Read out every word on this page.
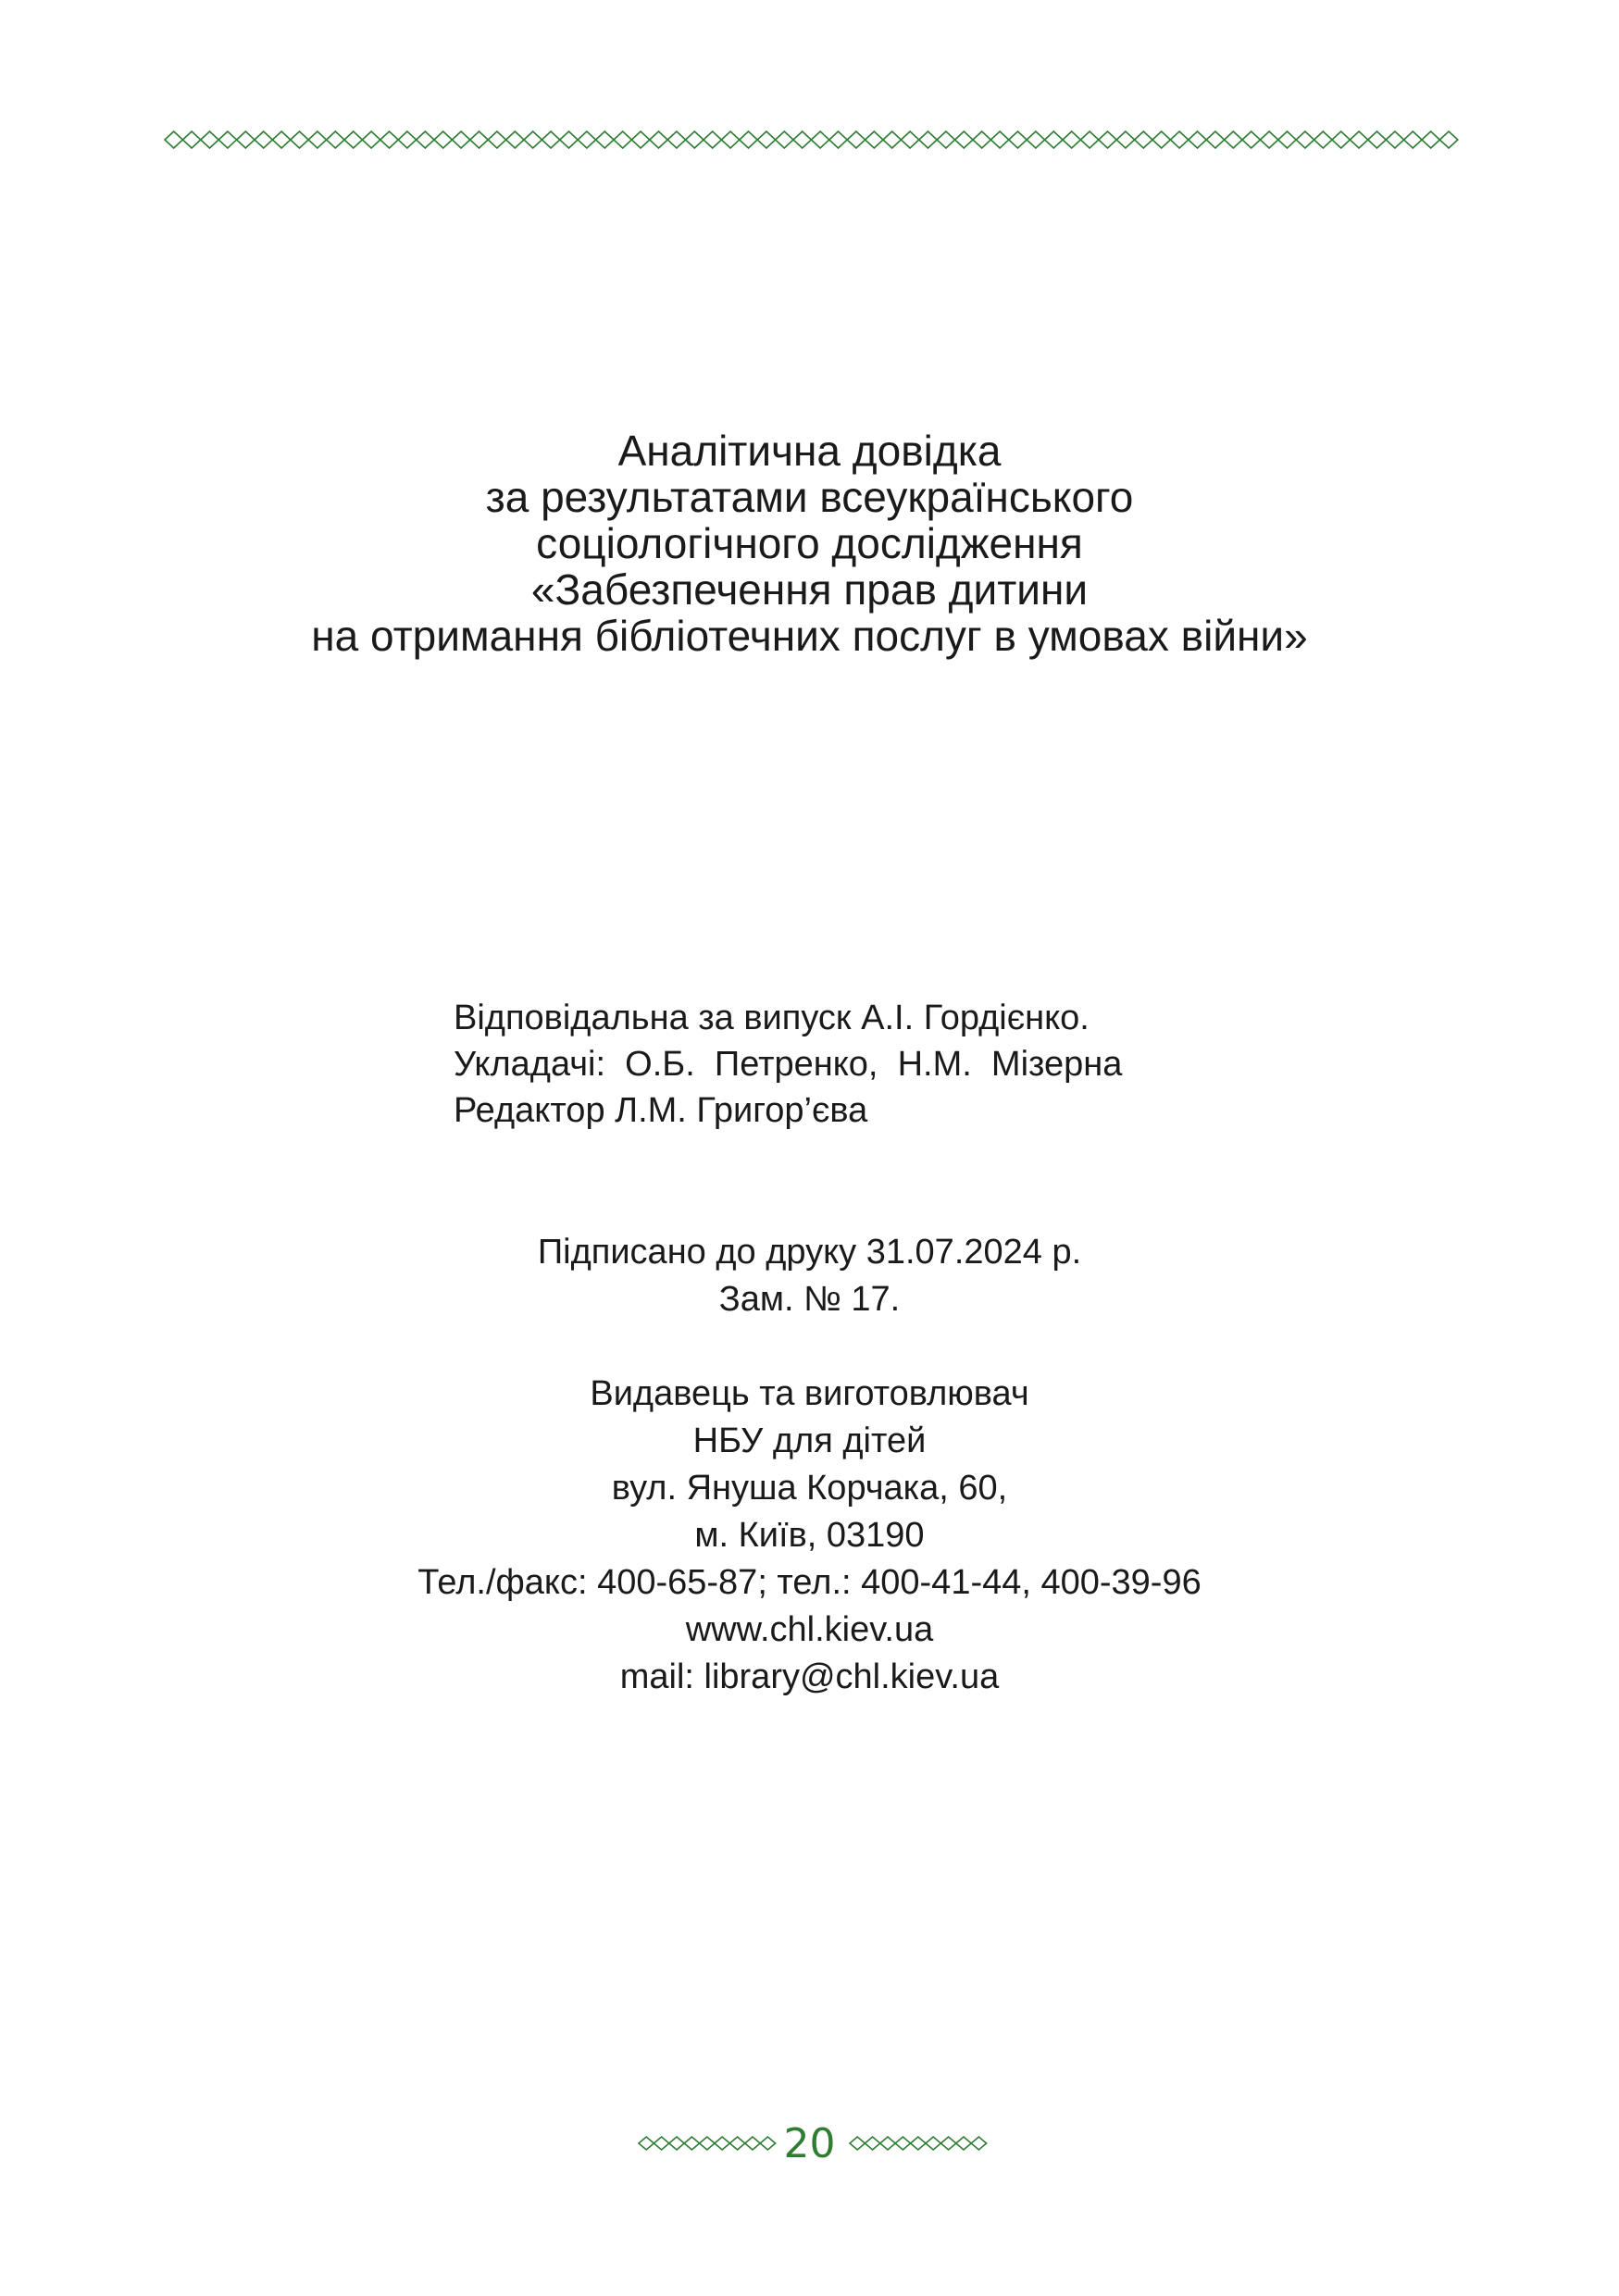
Аналітична довідка
за результатами всеукраїнського
соціологічного дослідження
«Забезпечення прав дитини
на отримання бібліотечних послуг в умовах війни»
Відповідальна за випуск А.І. Гордієнко.
Укладачі:  О.Б.  Петренко,  Н.М.  Мізерна
Редактор Л.М. Григор’єва
Підписано до друку 31.07.2024 р.
Зам. № 17.
Видавець та виготовлювач
НБУ для дітей
вул. Януша Корчака, 60,
м. Київ, 03190
Тел./факс: 400-65-87; тел.: 400-41-44, 400-39-96
www.chl.kiev.ua
mail: library@chl.kiev.ua
20
